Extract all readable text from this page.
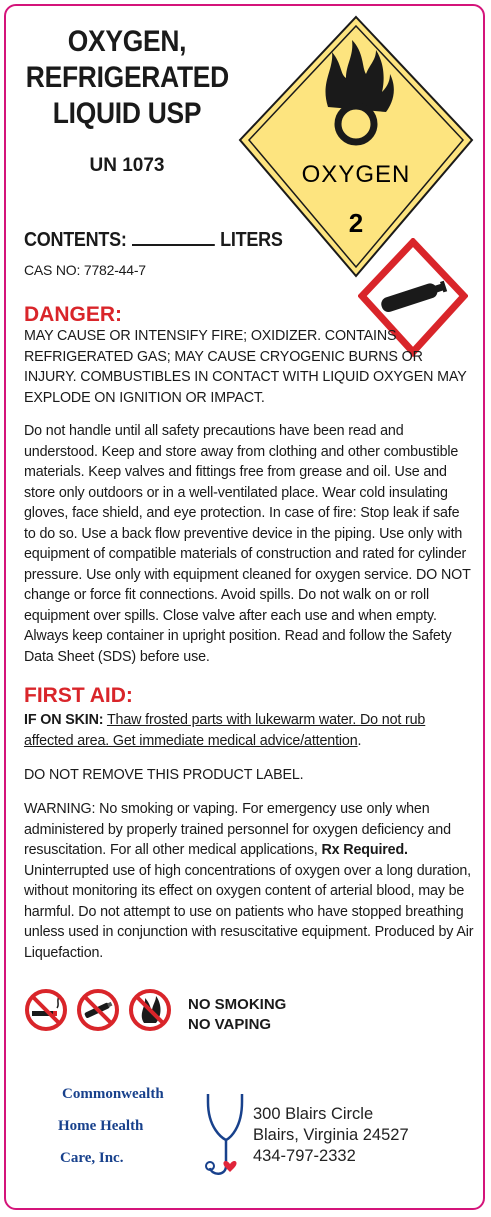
OXYGEN,
REFRIGERATED
LIQUID USP
UN 1073	OXYGEN
2
CONTENTS:	LITERS
CAS NO: 7782-44-7
DANGER:
MAY CAUSE OR INTENSIFY FIRE; OXIDIZER. CONTAINS REFRIGERATED GAS; MAY CAUSE CRYOGENIC BURNS OR INJURY. COMBUSTIBLES IN CONTACT WITH LIQUID OXYGEN MAY EXPLODE ON IGNITION OR IMPACT.
Do not handle until all safety precautions have been read and understood. Keep and store away from clothing and other combustible materials. Keep valves and fittings free from grease and oil. Use and store only outdoors or in a well-ventilated place. Wear cold insulating gloves, face shield, and eye protection. In case of fire: Stop leak if safe to do so. Use a back flow preventive device in the piping. Use only with equipment of compatible materials of construction and rated for cylinder pressure. Use only with equipment cleaned for oxygen service. DO NOT change or force fit connections. Avoid spills. Do not walk on or roll equipment over spills. Close valve after each use and when empty. Always keep container in upright position. Read and follow the Safety Data Sheet (SDS) before use.
FIRST AID:
IF ON SKIN: Thaw frosted parts with lukewarm water. Do not rub affected area. Get immediate medical advice/attention.
DO NOT REMOVE THIS PRODUCT LABEL.
WARNING: No smoking or vaping. For emergency use only when administered by properly trained personnel for oxygen deficiency and resuscitation. For all other medical applications, Rx Required. Uninterrupted use of high concentrations of oxygen over a long duration, without monitoring its effect on oxygen content of arterial blood, may be harmful. Do not attempt to use on patients who have stopped breathing unless used in conjunction with resuscitative equipment. Produced by Air Liquefaction.
NO SMOKING
NO VAPING
Commonwealth
Home Health
Care, Inc.
300 Blairs Circle
Blairs, Virginia 24527
434-797-2332
